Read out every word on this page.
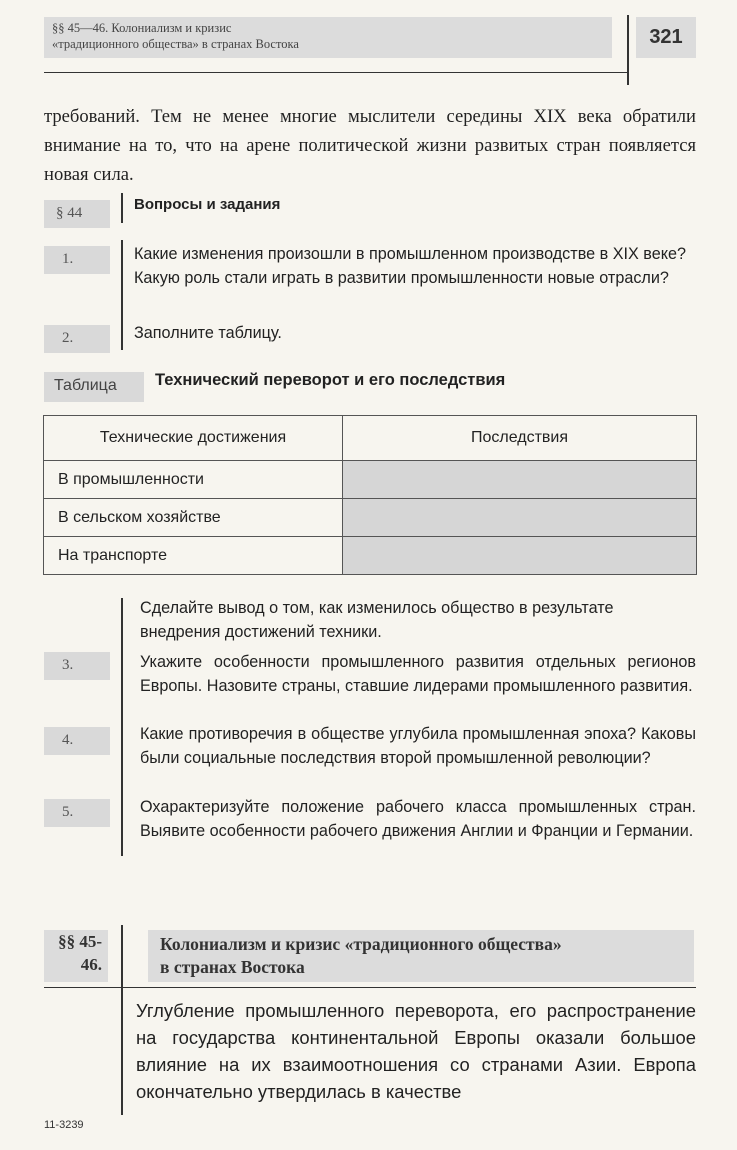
§§ 45—46. Колониализм и кризис
«традиционного общества» в странах Востока	321
требований. Тем не менее многие мыслители середины XIX века обратили внимание на то, что на арене политической жизни развитых стран появляется новая сила.
§ 44	Вопросы и задания
1.	Какие изменения произошли в промышленном производстве в XIX веке? Какую роль стали играть в развитии промышленности новые отрасли?
2.	Заполните таблицу.
Таблица	Технический переворот и его последствия
Технические достижения	Последствия
В промышленности	
В сельском хозяйстве	
На транспорте	
Сделайте вывод о том, как изменилось общество в результате внедрения достижений техники.
3.	Укажите особенности промышленного развития отдельных регионов Европы. Назовите страны, ставшие лидерами промышленного развития.
4.	Какие противоречия в обществе углубила промышленная эпоха? Каковы были социальные последствия второй промышленной революции?
5.	Охарактеризуйте положение рабочего класса промышленных стран. Выявите особенности рабочего движения Англии и Франции и Германии.
§§ 45-
46.
Колониализм и кризис «традиционного общества»
в странах Востока
Углубление промышленного переворота, его распространение на государства континентальной Европы оказали большое влияние на их взаимоотношения со странами Азии. Европа окончательно утвердилась в качестве
11-3239
